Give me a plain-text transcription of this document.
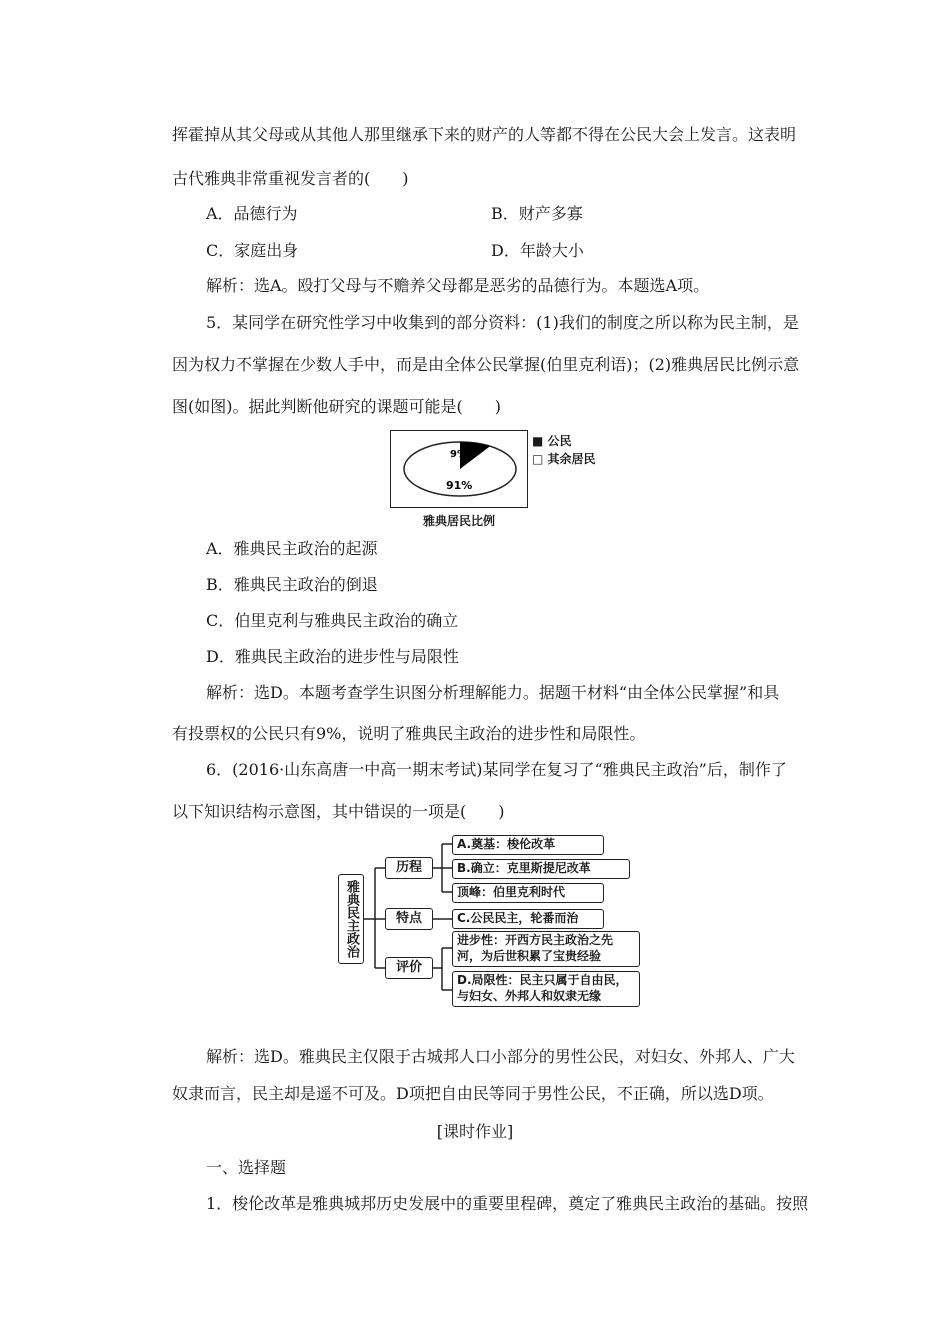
挥霍掉从其父母或从其他人那里继承下来的财产的人等都不得在公民大会上发言。这表明

古代雅典非常重视发言者的(　　)

A．品德行为	B．财产多寡

C．家庭出身	D．年龄大小

解析：选A。殴打父母与不赡养父母都是恶劣的品德行为。本题选A项。

5．某同学在研究性学习中收集到的部分资料：(1)我们的制度之所以称为民主制，是

因为权力不掌握在少数人手中，而是由全体公民掌握(伯里克利语)；(2)雅典居民比例示意

图(如图)。据此判断他研究的课题可能是(　　)

9%
91%
■ 公民
□ 其余居民
雅典居民比例

A．雅典民主政治的起源

B．雅典民主政治的倒退

C．伯里克利与雅典民主政治的确立

D．雅典民主政治的进步性与局限性

解析：选D。本题考查学生识图分析理解能力。据题干材料“由全体公民掌握”和具

有投票权的公民只有9%，说明了雅典民主政治的进步性和局限性。

6．(2016·山东高唐一中高一期末考试)某同学在复习了“雅典民主政治”后，制作了

以下知识结构示意图，其中错误的一项是(　　)

雅典民主政治
历程
特点
评价
A.奠基：梭伦改革
B.确立：克里斯提尼改革
顶峰：伯里克利时代
C.公民民主，轮番而治
进步性：开西方民主政治之先
河，为后世积累了宝贵经验
D.局限性：民主只属于自由民，
与妇女、外邦人和奴隶无缘

解析：选D。雅典民主仅限于古城邦人口小部分的男性公民，对妇女、外邦人、广大

奴隶而言，民主却是遥不可及。D项把自由民等同于男性公民，不正确，所以选D项。

[课时作业]

一、选择题

1．梭伦改革是雅典城邦历史发展中的重要里程碑，奠定了雅典民主政治的基础。按照
